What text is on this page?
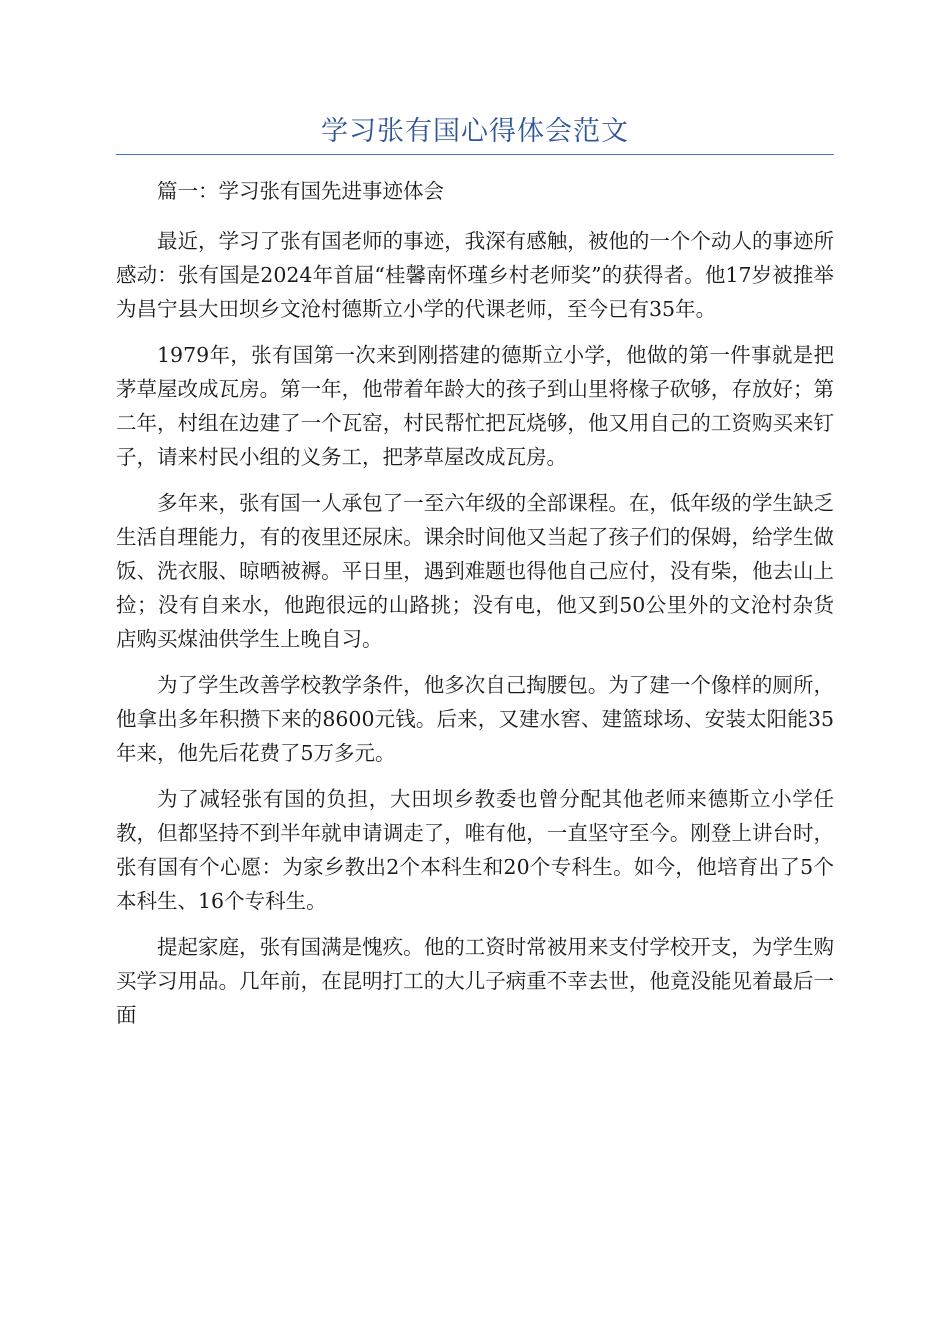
学习张有国心得体会范文

篇一：学习张有国先进事迹体会

最近，学习了张有国老师的事迹，我深有感触，被他的一个个动人的事迹所感动：张有国是2024年首届“桂馨南怀瑾乡村老师奖”的获得者。他17岁被推举为昌宁县大田坝乡文沧村德斯立小学的代课老师，至今已有35年。

1979年，张有国第一次来到刚搭建的德斯立小学，他做的第一件事就是把茅草屋改成瓦房。第一年，他带着年龄大的孩子到山里将椽子砍够，存放好；第二年，村组在边建了一个瓦窑，村民帮忙把瓦烧够，他又用自己的工资购买来钉子，请来村民小组的义务工，把茅草屋改成瓦房。

多年来，张有国一人承包了一至六年级的全部课程。在，低年级的学生缺乏生活自理能力，有的夜里还尿床。课余时间他又当起了孩子们的保姆，给学生做饭、洗衣服、晾晒被褥。平日里，遇到难题也得他自己应付，没有柴，他去山上捡；没有自来水，他跑很远的山路挑；没有电，他又到50公里外的文沧村杂货店购买煤油供学生上晚自习。

为了学生改善学校教学条件，他多次自己掏腰包。为了建一个像样的厕所，他拿出多年积攒下来的8600元钱。后来，又建水窖、建篮球场、安装太阳能35年来，他先后花费了5万多元。

为了减轻张有国的负担，大田坝乡教委也曾分配其他老师来德斯立小学任教，但都坚持不到半年就申请调走了，唯有他，一直坚守至今。刚登上讲台时，张有国有个心愿：为家乡教出2个本科生和20个专科生。如今，他培育出了5个本科生、16个专科生。

提起家庭，张有国满是愧疚。他的工资时常被用来支付学校开支，为学生购买学习用品。几年前，在昆明打工的大儿子病重不幸去世，他竟没能见着最后一面
